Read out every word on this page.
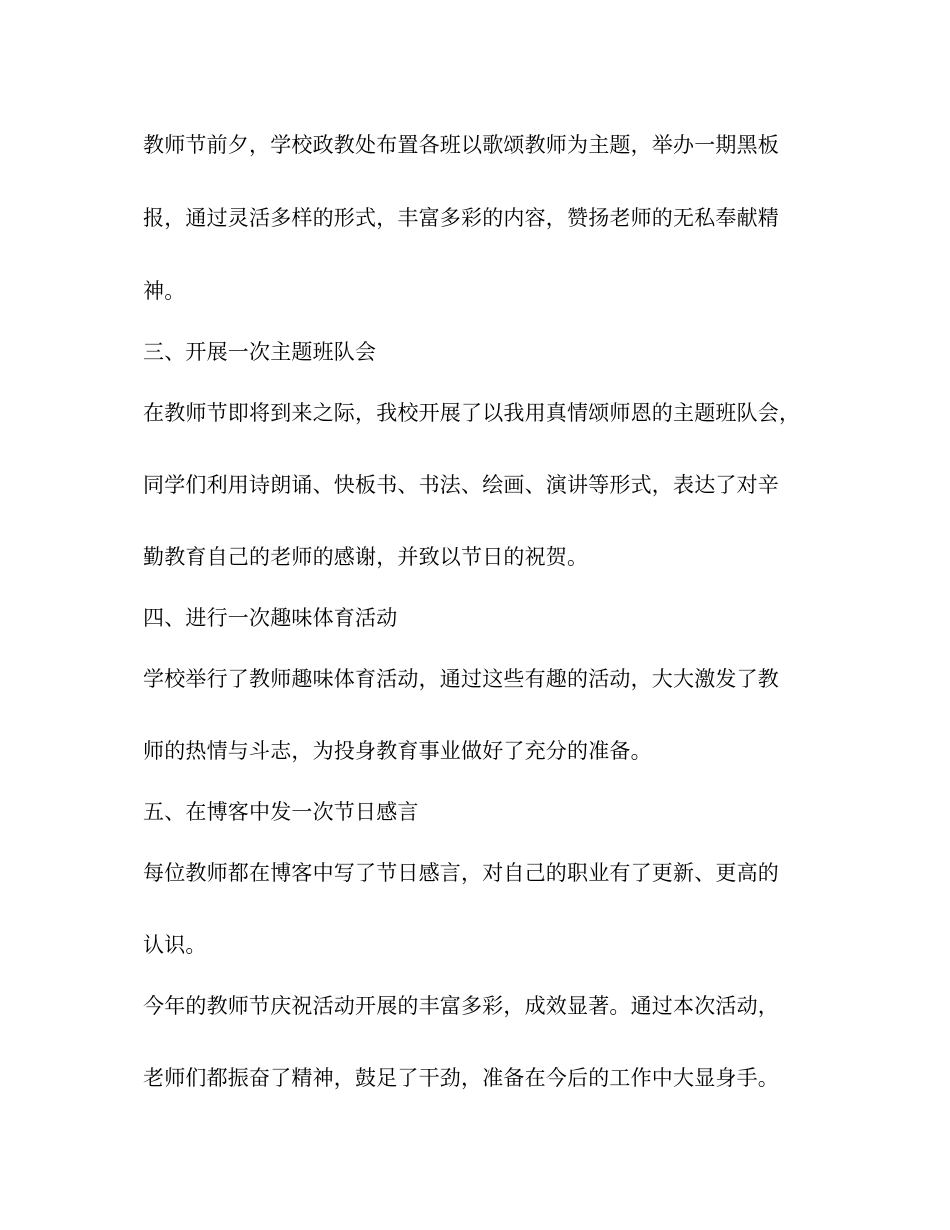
教师节前夕，学校政教处布置各班以歌颂教师为主题，举办一期黑板

报，通过灵活多样的形式，丰富多彩的内容，赞扬老师的无私奉献精

神。

三、开展一次主题班队会

在教师节即将到来之际，我校开展了以我用真情颂师恩的主题班队会，

同学们利用诗朗诵、快板书、书法、绘画、演讲等形式，表达了对辛

勤教育自己的老师的感谢，并致以节日的祝贺。

四、进行一次趣味体育活动

学校举行了教师趣味体育活动，通过这些有趣的活动，大大激发了教

师的热情与斗志，为投身教育事业做好了充分的准备。

五、在博客中发一次节日感言

每位教师都在博客中写了节日感言，对自己的职业有了更新、更高的

认识。

今年的教师节庆祝活动开展的丰富多彩，成效显著。通过本次活动，

老师们都振奋了精神，鼓足了干劲，准备在今后的工作中大显身手。
